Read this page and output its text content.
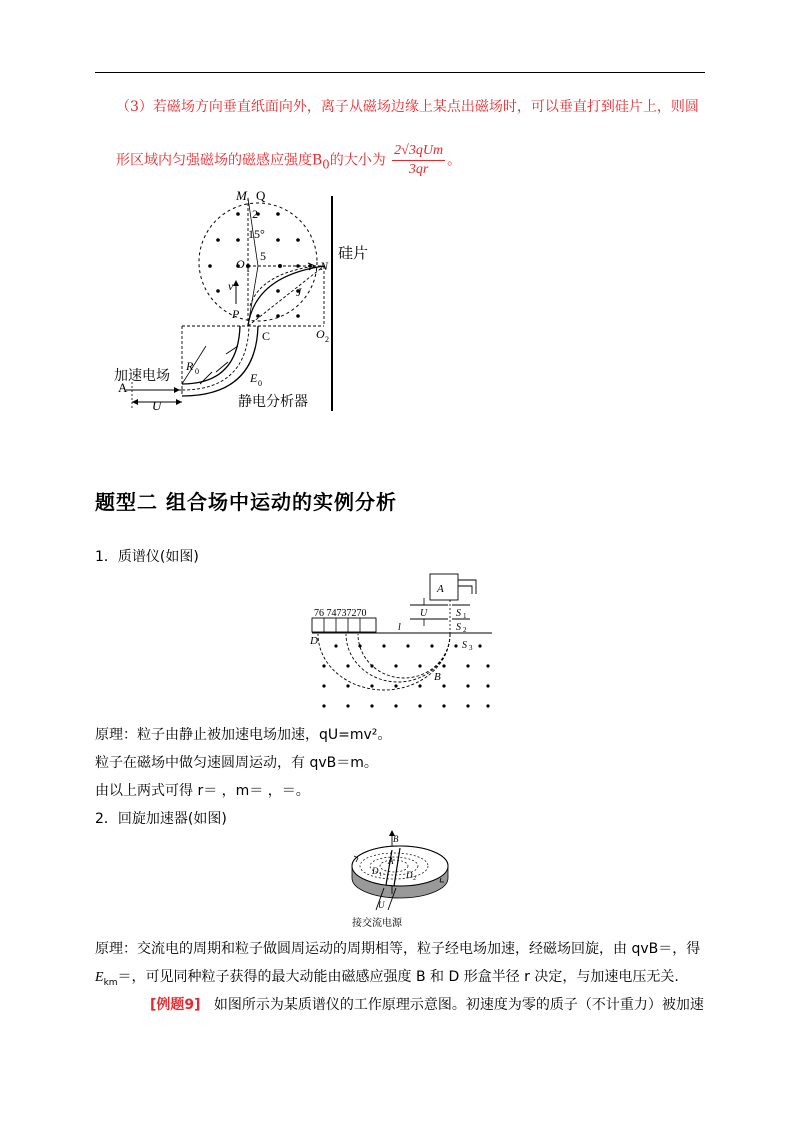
（3）若磁场方向垂直纸面向外，离子从磁场边缘上某点出磁场时，可以垂直打到硅片上，则圆
形区域内匀强磁场的磁感应强度$B_0$的大小为 $\frac{\text{2√3qUm}}{3qr}$ 。
M Q
2
15°
O 1
5
N
硅片
v
P
J
C	O 2
加速电场
R 0
A
E 0
U	静电分析器
题型二 组合场中运动的实例分析
1．质谱仪(如图)
76 74737270
A
U	S 1
S 2
S 3
D
l
B
原理：粒子由静止被加速电场加速，qU=mv²。
粒子在磁场中做匀速圆周运动，有 qvB＝m。
由以上两式可得 r＝ ，m＝ ，＝。
2．回旋加速器(如图)
B
A
D 1	D 2
U
接交流电源
原理：交流电的周期和粒子做圆周运动的周期相等，粒子经电场加速，经磁场回旋，由 qvB＝，得
$E_{km}=$，可见同种粒子获得的最大动能由磁感应强度 B 和 D 形盒半径 r 决定，与加速电压无关.
[例题9] 如图所示为某质谱仪的工作原理示意图。初速度为零的质子（不计重力）被加速
